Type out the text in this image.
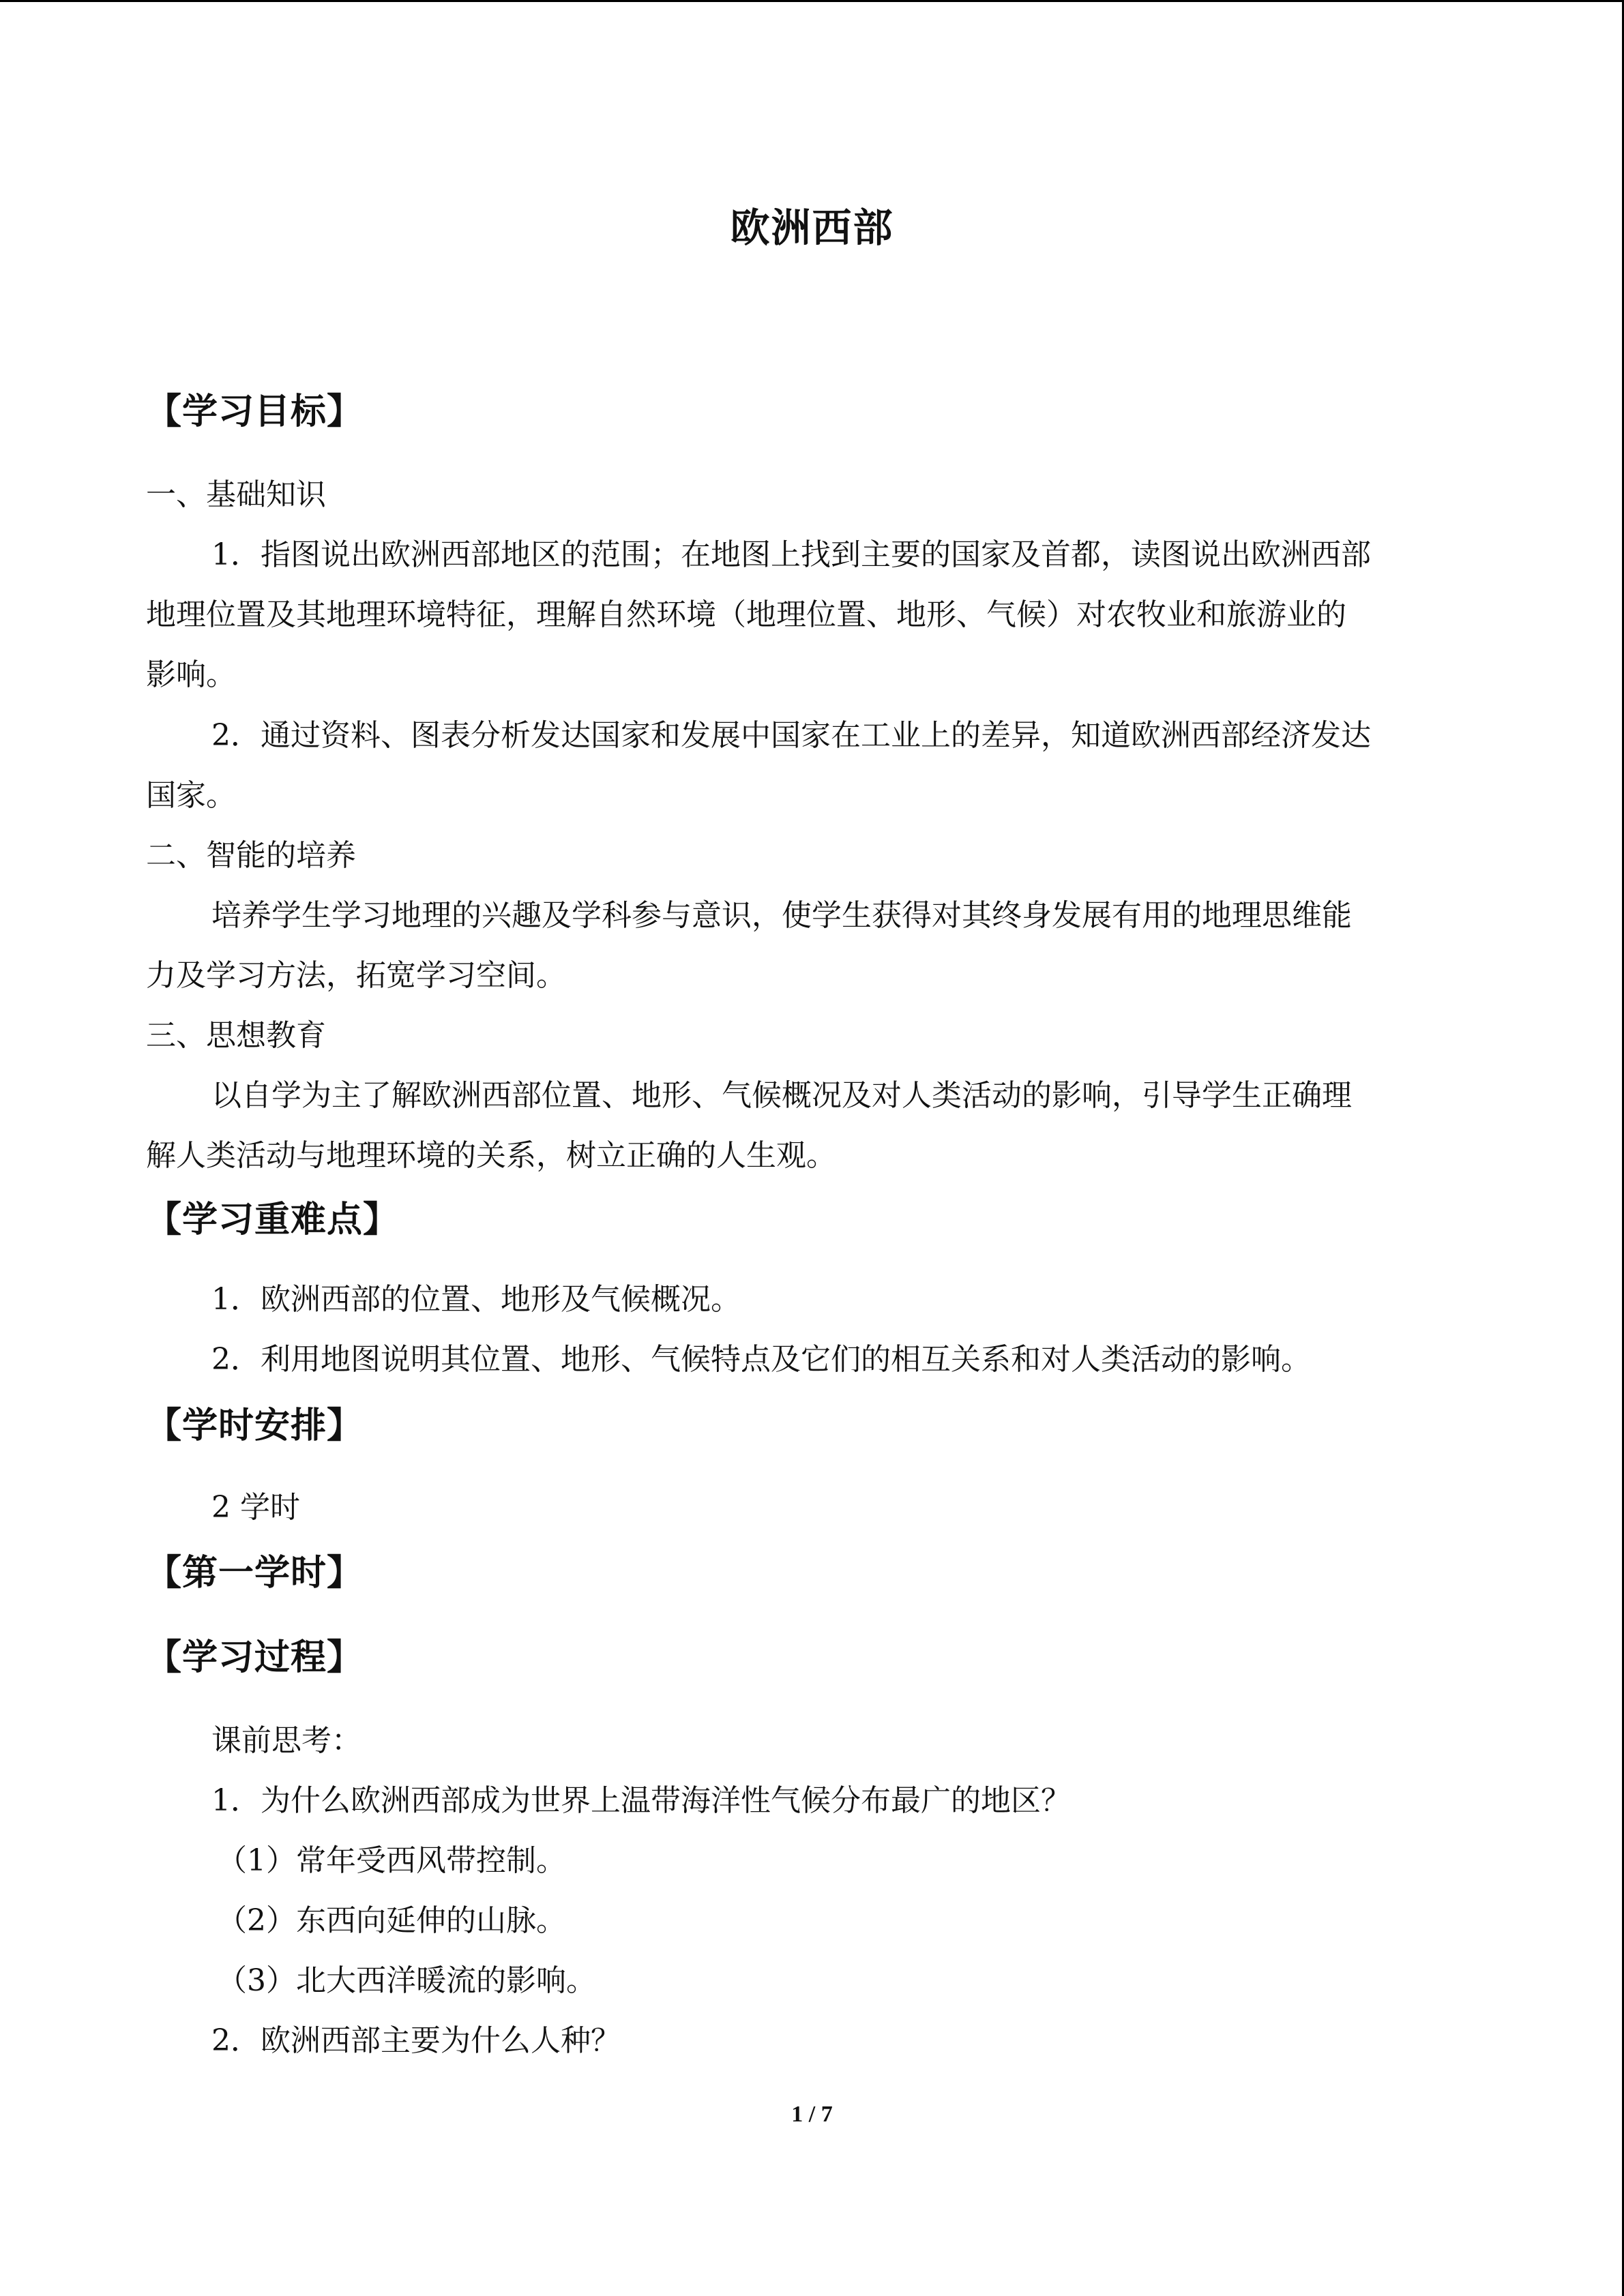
欧洲西部
【学习目标】
一、基础知识
1．指图说出欧洲西部地区的范围；在地图上找到主要的国家及首都，读图说出欧洲西部
地理位置及其地理环境特征，理解自然环境（地理位置、地形、气候）对农牧业和旅游业的
影响。
2．通过资料、图表分析发达国家和发展中国家在工业上的差异，知道欧洲西部经济发达
国家。
二、智能的培养
培养学生学习地理的兴趣及学科参与意识，使学生获得对其终身发展有用的地理思维能
力及学习方法，拓宽学习空间。
三、思想教育
以自学为主了解欧洲西部位置、地形、气候概况及对人类活动的影响，引导学生正确理
解人类活动与地理环境的关系，树立正确的人生观。
【学习重难点】
1．欧洲西部的位置、地形及气候概况。
2．利用地图说明其位置、地形、气候特点及它们的相互关系和对人类活动的影响。
【学时安排】
2 学时
【第一学时】
【学习过程】
课前思考：
1．为什么欧洲西部成为世界上温带海洋性气候分布最广的地区？
（1）常年受西风带控制。
（2）东西向延伸的山脉。
（3）北大西洋暖流的影响。
2．欧洲西部主要为什么人种？
1 / 7
